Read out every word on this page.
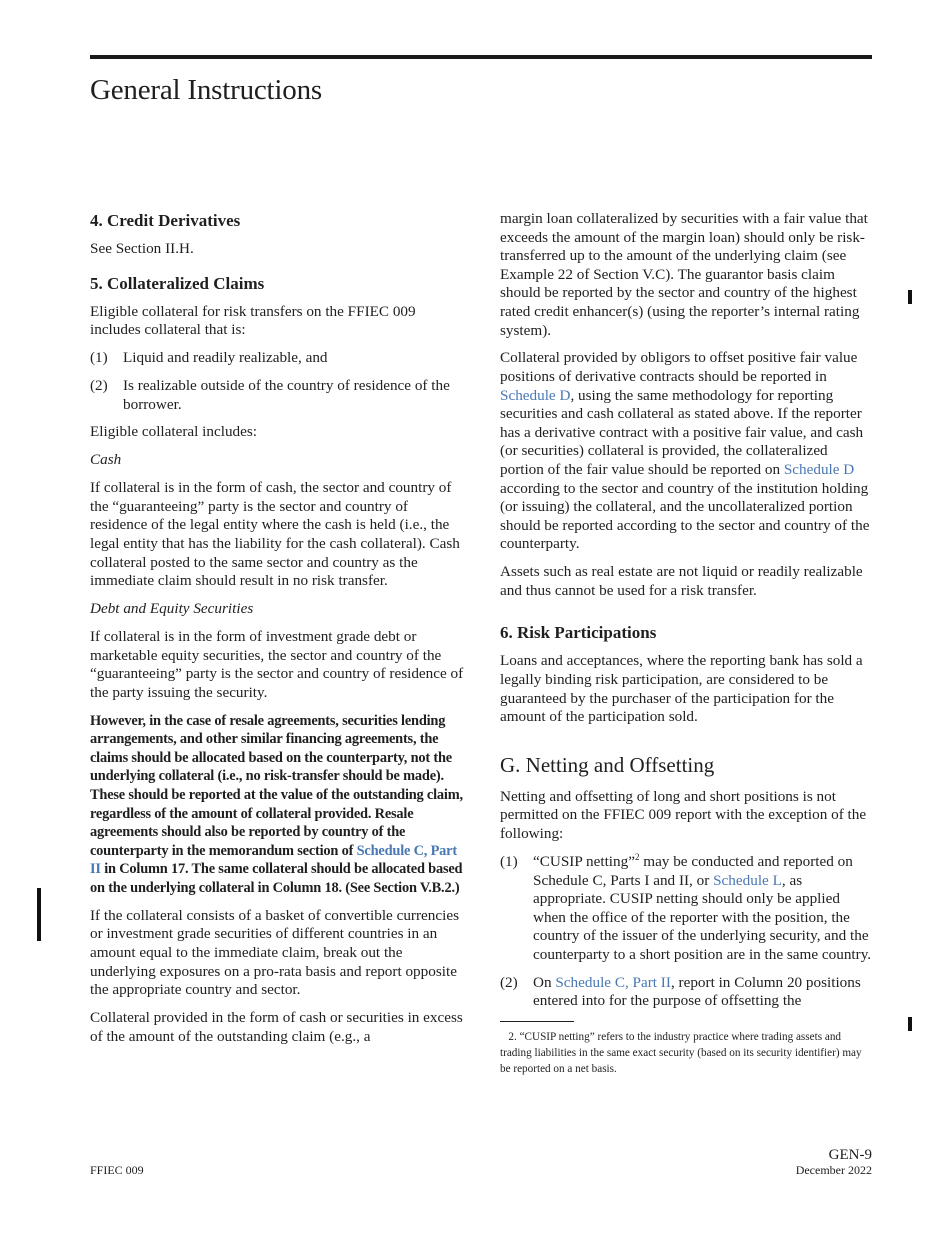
General Instructions
4. Credit Derivatives

See Section II.H.

5. Collateralized Claims

Eligible collateral for risk transfers on the FFIEC 009 includes collateral that is:

(1)	Liquid and readily realizable, and
(2)	Is realizable outside of the country of residence of the borrower.

Eligible collateral includes:

Cash

If collateral is in the form of cash, the sector and country of the “guaranteeing” party is the sector and country of residence of the legal entity where the cash is held (i.e., the legal entity that has the liability for the cash collateral). Cash collateral posted to the same sector and country as the immediate claim should result in no risk transfer.

Debt and Equity Securities

If collateral is in the form of investment grade debt or marketable equity securities, the sector and country of the “guaranteeing” party is the sector and country of residence of the party issuing the security.

However, in the case of resale agreements, securities lending arrangements, and other similar financing agreements, the claims should be allocated based on the counterparty, not the underlying collateral (i.e., no risk-transfer should be made). These should be reported at the value of the outstanding claim, regardless of the amount of collateral provided. Resale agreements should also be reported by country of the counterparty in the memorandum section of Schedule C, Part II in Column 17. The same collateral should be allocated based on the underlying collateral in Column 18. (See Section V.B.2.)

If the collateral consists of a basket of convertible currencies or investment grade securities of different countries in an amount equal to the immediate claim, break out the underlying exposures on a pro-rata basis and report opposite the appropriate country and sector.

Collateral provided in the form of cash or securities in excess of the amount of the outstanding claim (e.g., a

margin loan collateralized by securities with a fair value that exceeds the amount of the margin loan) should only be risk-transferred up to the amount of the underlying claim (see Example 22 of Section V.C). The guarantor basis claim should be reported by the sector and country of the highest rated credit enhancer(s) (using the reporter’s internal rating system).

Collateral provided by obligors to offset positive fair value positions of derivative contracts should be reported in Schedule D, using the same methodology for reporting securities and cash collateral as stated above. If the reporter has a derivative contract with a positive fair value, and cash (or securities) collateral is provided, the collateralized portion of the fair value should be reported on Schedule D according to the sector and country of the institution holding (or issuing) the collateral, and the uncollateralized portion should be reported according to the sector and country of the counterparty.

Assets such as real estate are not liquid or readily realizable and thus cannot be used for a risk transfer.

6. Risk Participations

Loans and acceptances, where the reporting bank has sold a legally binding risk participation, are considered to be guaranteed by the purchaser of the participation for the amount of the participation sold.

G. Netting and Offsetting

Netting and offsetting of long and short positions is not permitted on the FFIEC 009 report with the exception of the following:

(1)	“CUSIP netting”$^2$ may be conducted and reported on Schedule C, Parts I and II, or Schedule L, as appropriate. CUSIP netting should only be applied when the office of the reporter with the position, the country of the issuer of the underlying security, and the counterparty to a short position are in the same country.
(2)	On Schedule C, Part II, report in Column 20 positions entered into for the purpose of offsetting the

2. “CUSIP netting” refers to the industry practice where trading assets and trading liabilities in the same exact security (based on its security identifier) may be reported on a net basis.

FFIEC 009
GEN-9
December 2022
